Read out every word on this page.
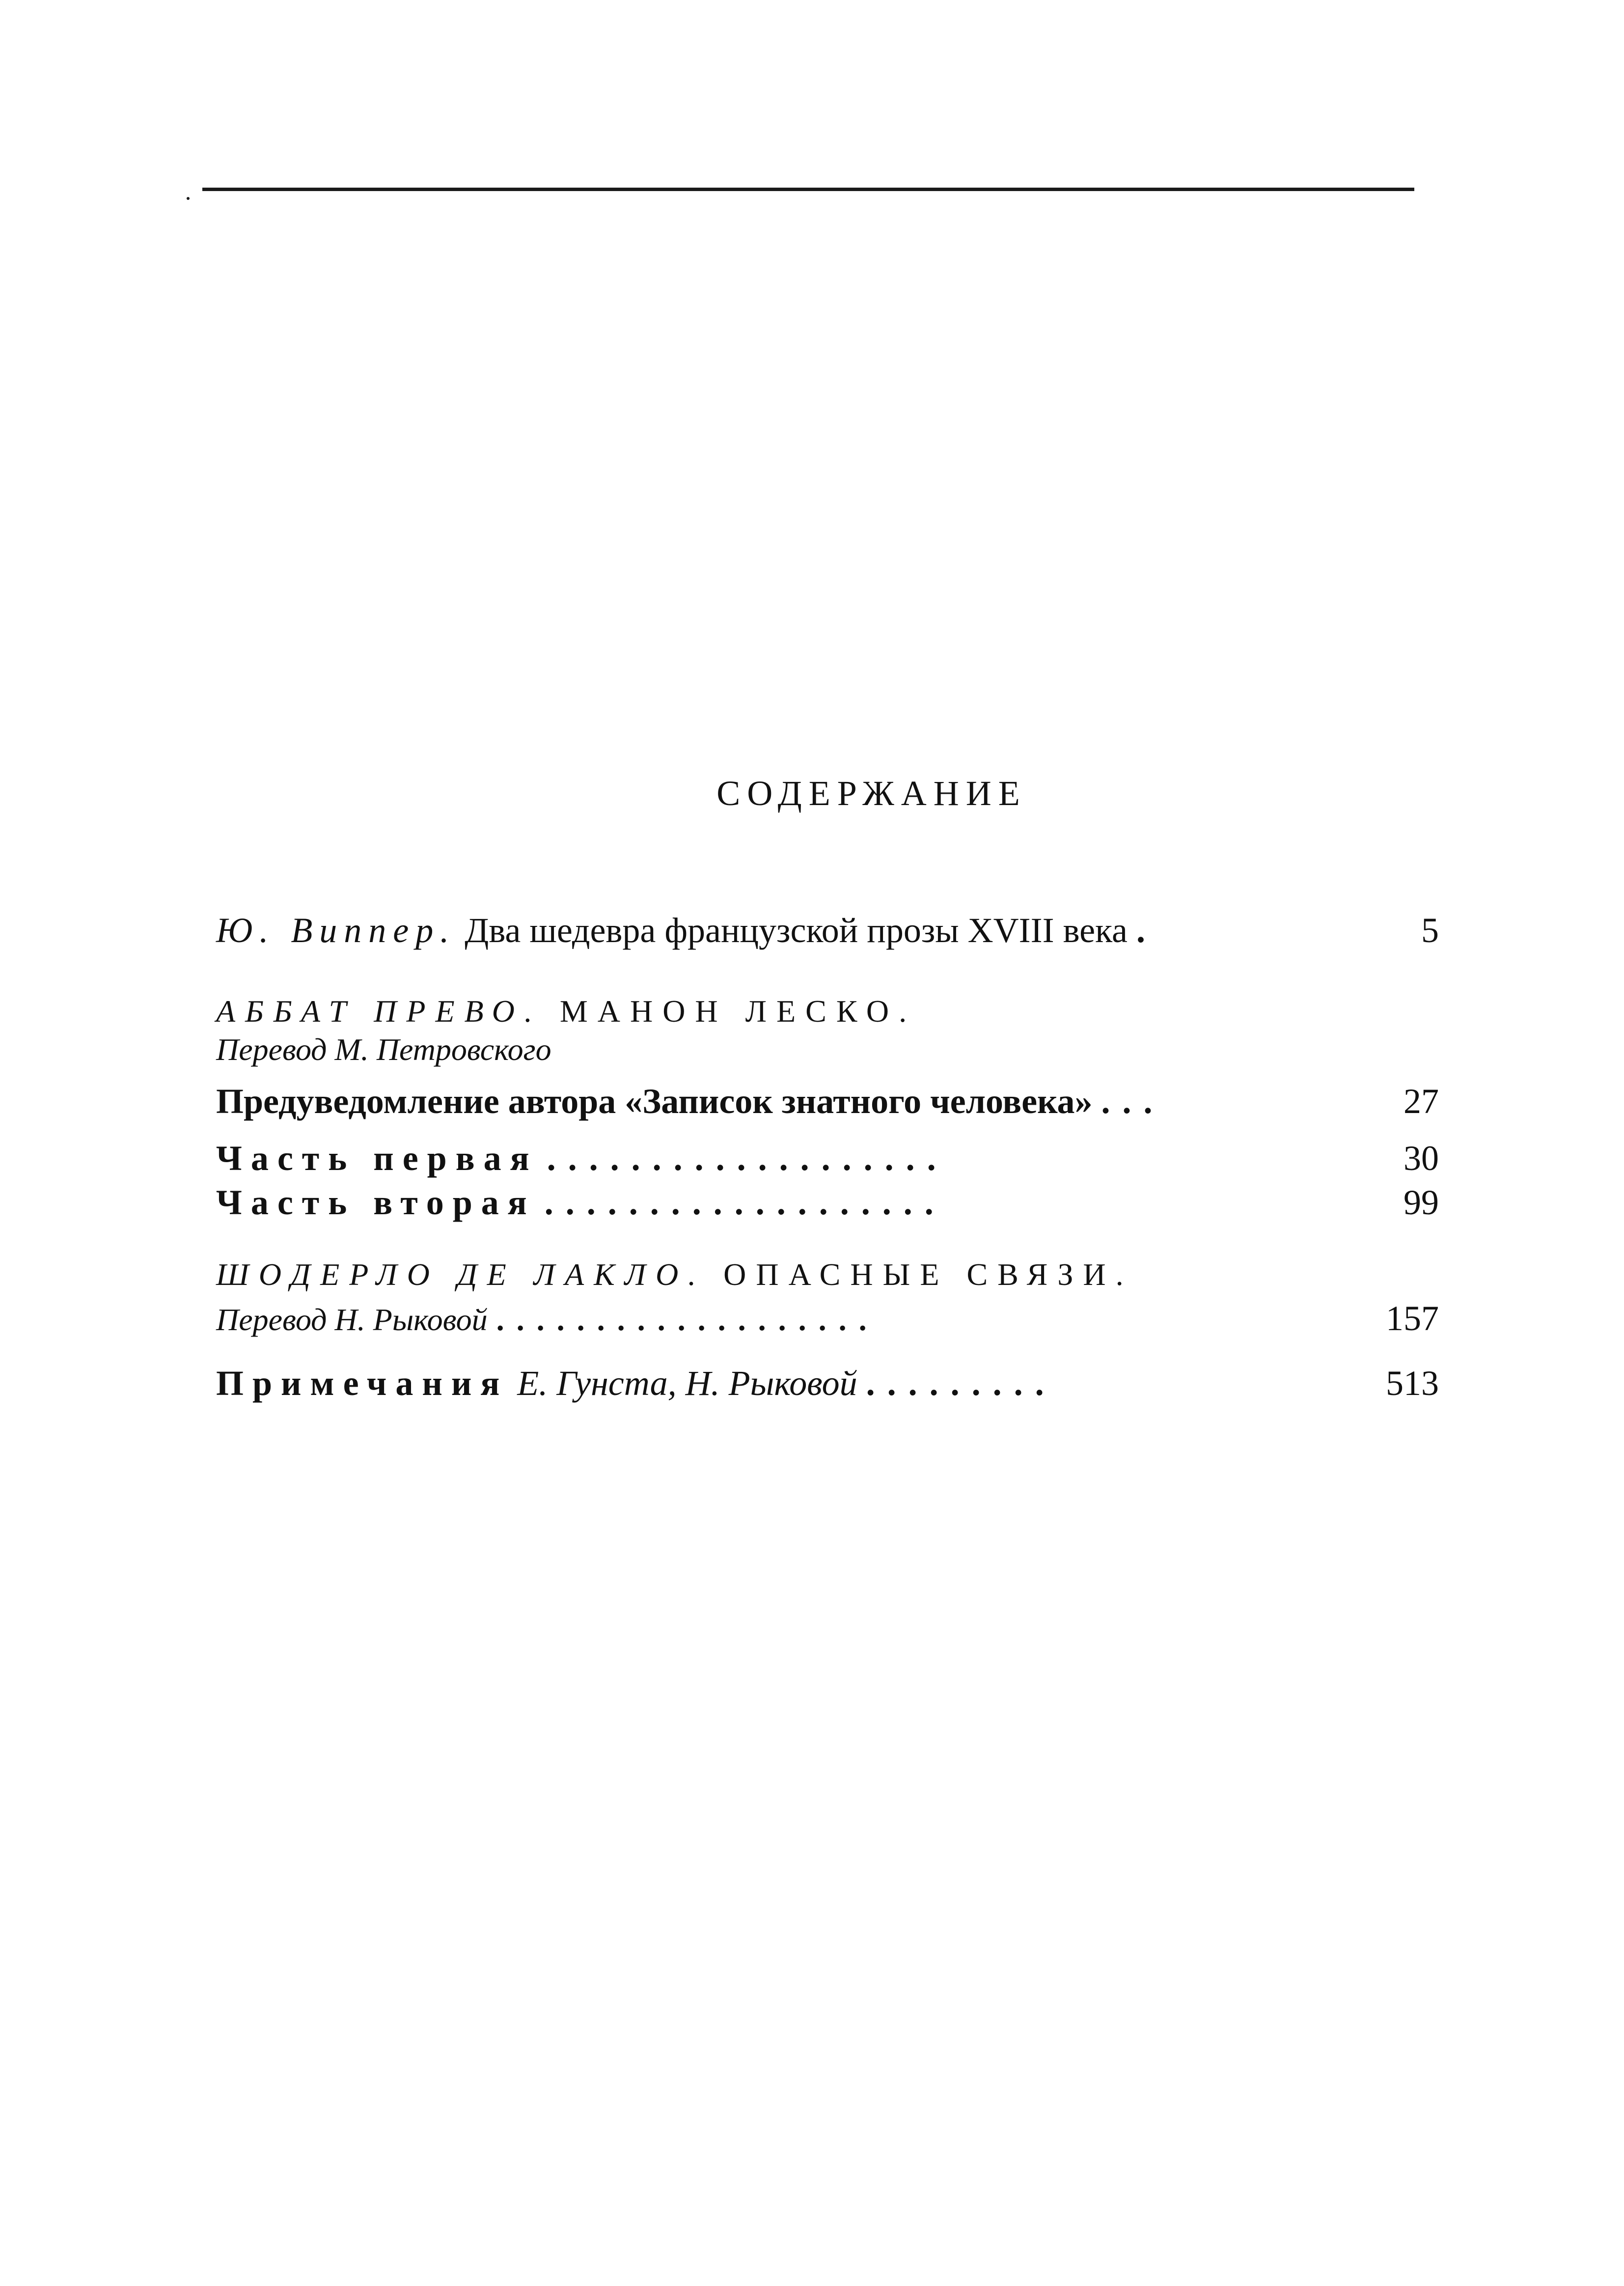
СОДЕРЖАНИЕ
Ю. Виппер. Два шедевра французской прозы XVIII века .	5
АББАТ ПРЕВО. МАНОН ЛЕСКО.
Перевод М. Петровского
Предуведомление автора «Записок знатного человека» ...	27
Часть первая ...................	30
Часть вторая ...................	99
ШОДЕРЛО ДЕ ЛАКЛО. ОПАСНЫЕ СВЯЗИ.
Перевод Н. Рыковой ...................	157
Примечания Е. Гунста, Н. Рыковой .........	513
